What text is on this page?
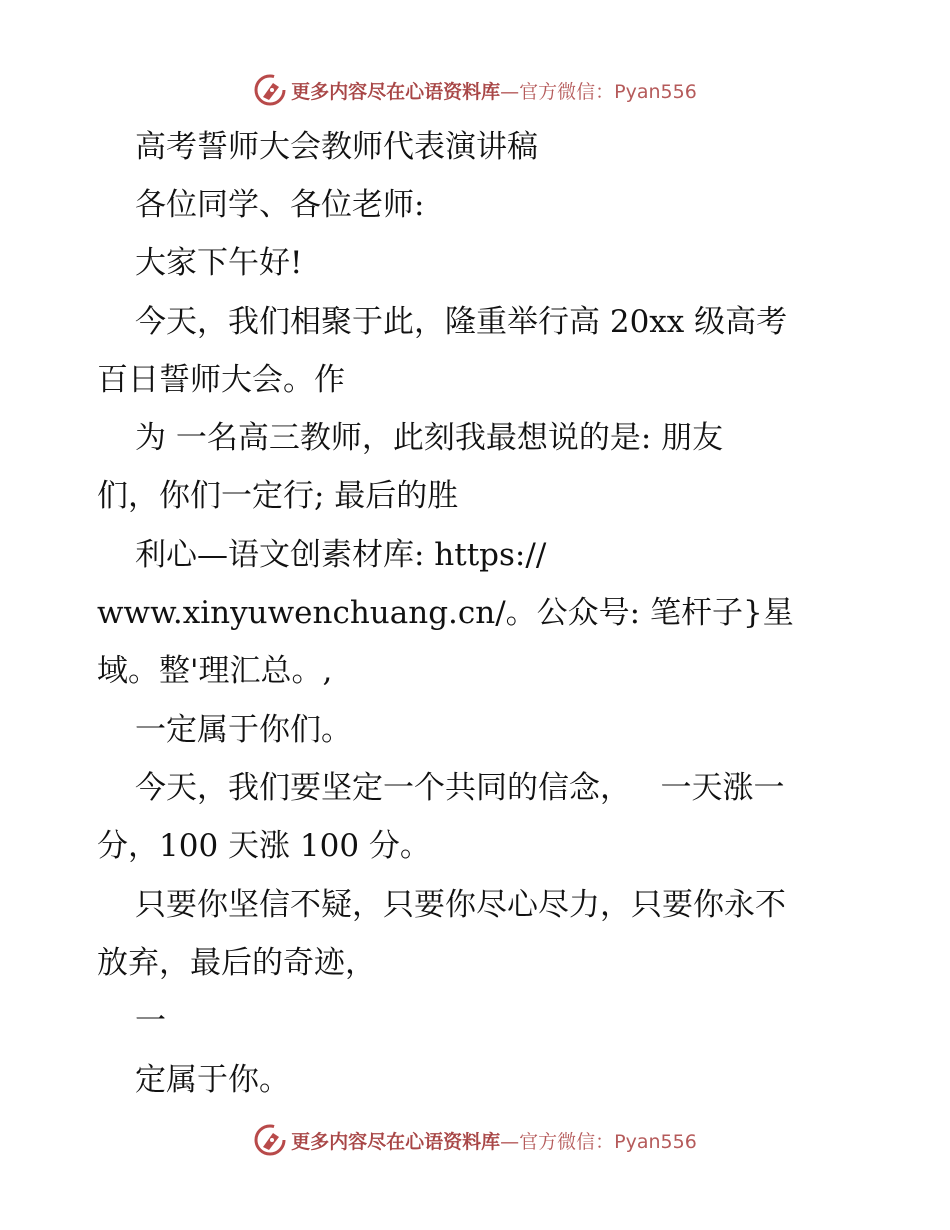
更多内容尽在心语资料库—官方微信：Pyan556
高考誓师大会教师代表演讲稿
各位同学、各位老师:
大家下午好!
今天，我们相聚于此，隆重举行高 20xx 级高考
百日誓师大会。作
为 一名高三教师，此刻我最想说的是: 朋友
们，你们一定行; 最后的胜
利心—语文创素材库: https://
www.xinyuwenchuang.cn/。公众号: 笔杆子}星
域。整'理汇总。,
一定属于你们。
今天，我们要坚定一个共同的信念，   一天涨一
分，100 天涨 100 分。
只要你坚信不疑，只要你尽心尽力，只要你永不
放弃，最后的奇迹，
一
定属于你。
更多内容尽在心语资料库—官方微信：Pyan556
